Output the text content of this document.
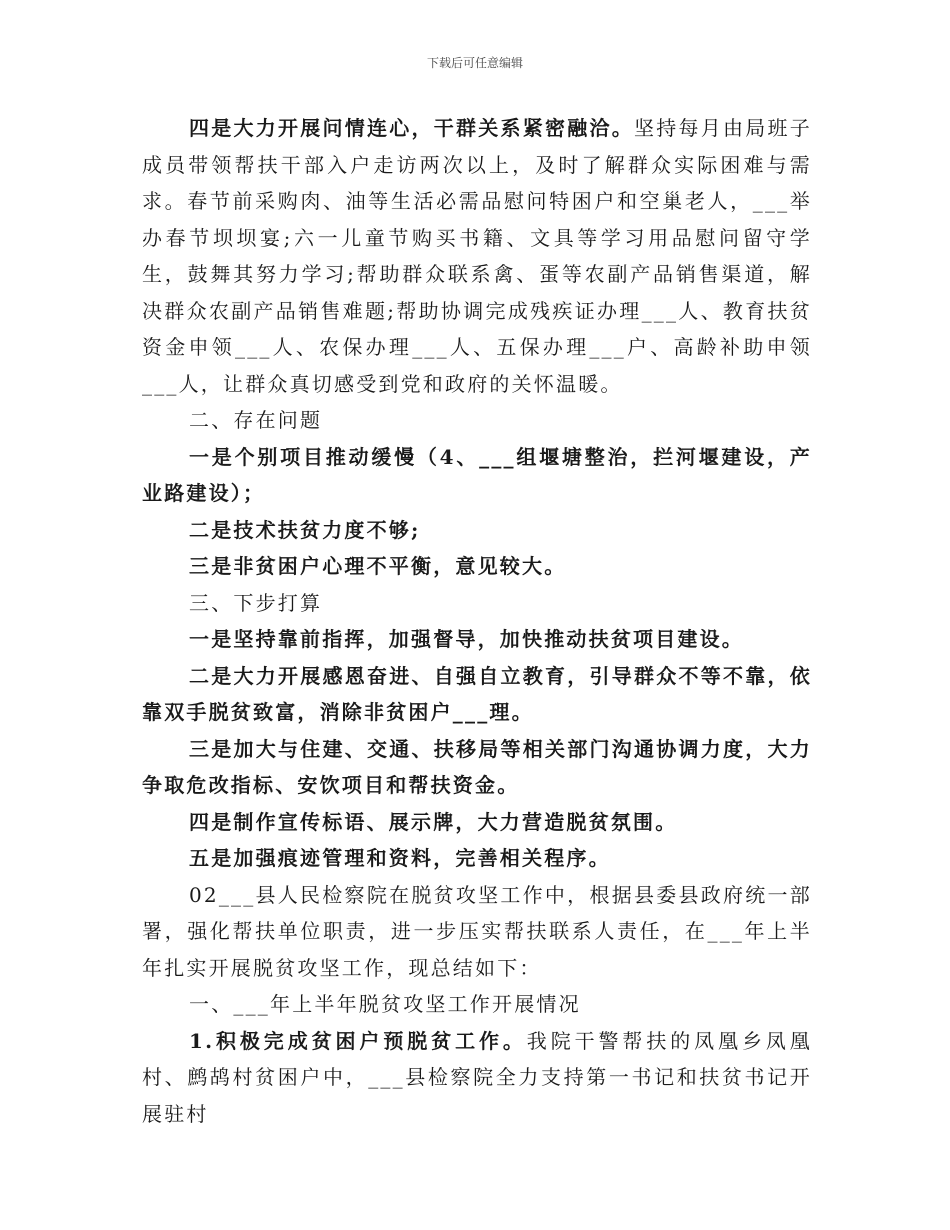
下载后可任意编辑

四是大力开展问情连心，干群关系紧密融洽。坚持每月由局班子成员带领帮扶干部入户走访两次以上，及时了解群众实际困难与需求。春节前采购肉、油等生活必需品慰问特困户和空巢老人，___举办春节坝坝宴;六一儿童节购买书籍、文具等学习用品慰问留守学生，鼓舞其努力学习;帮助群众联系禽、蛋等农副产品销售渠道，解决群众农副产品销售难题;帮助协调完成残疾证办理___人、教育扶贫资金申领___人、农保办理___人、五保办理___户、高龄补助申领___人，让群众真切感受到党和政府的关怀温暖。

二、存在问题

一是个别项目推动缓慢（4、___组堰塘整治，拦河堰建设，产业路建设）；

二是技术扶贫力度不够;

三是非贫困户心理不平衡，意见较大。

三、下步打算

一是坚持靠前指挥，加强督导，加快推动扶贫项目建设。

二是大力开展感恩奋进、自强自立教育，引导群众不等不靠，依靠双手脱贫致富，消除非贫困户___理。

三是加大与住建、交通、扶移局等相关部门沟通协调力度，大力争取危改指标、安饮项目和帮扶资金。

四是制作宣传标语、展示牌，大力营造脱贫氛围。

五是加强痕迹管理和资料，完善相关程序。

02___县人民检察院在脱贫攻坚工作中，根据县委县政府统一部署，强化帮扶单位职责，进一步压实帮扶联系人责任，在___年上半年扎实开展脱贫攻坚工作，现总结如下：

一、___年上半年脱贫攻坚工作开展情况

1.积极完成贫困户预脱贫工作。我院干警帮扶的凤凰乡凤凰村、鹧鸪村贫困户中，___县检察院全力支持第一书记和扶贫书记开展驻村
